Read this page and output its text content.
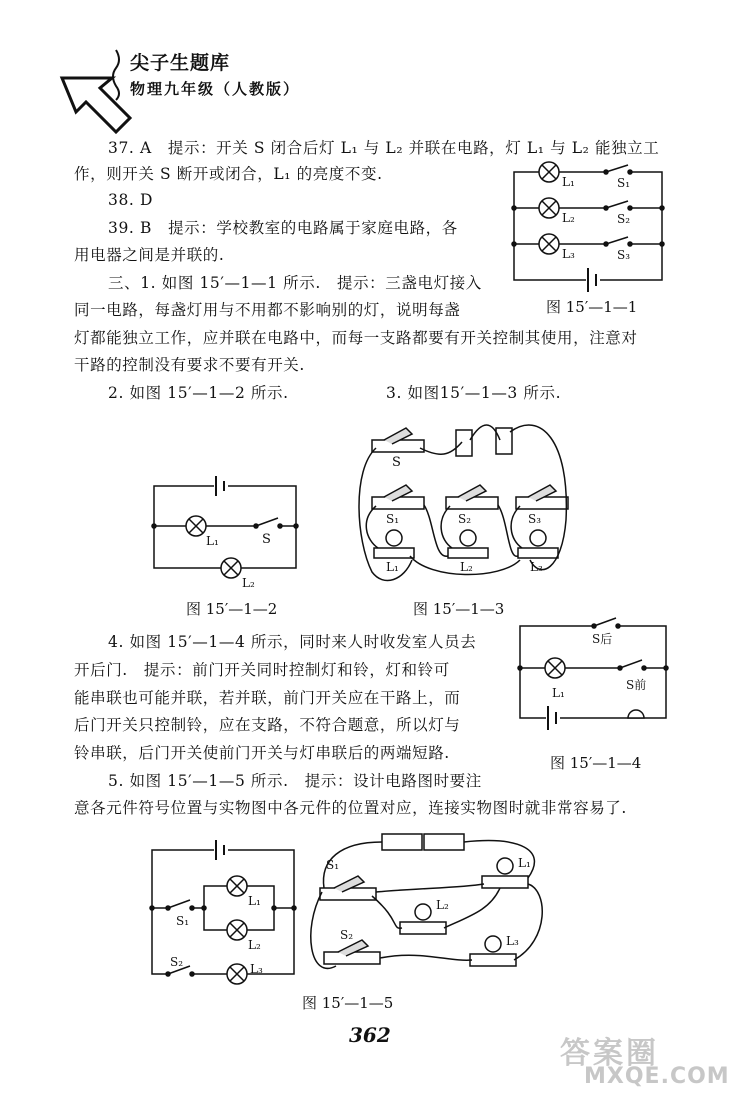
尖子生题库
物理九年级（人教版）
37. A　提示：开关 S 闭合后灯 L₁ 与 L₂ 并联在电路，灯 L₁ 与 L₂ 能独立工
作，则开关 S 断开或闭合，L₁ 的亮度不变.
38. D
39. B　提示：学校教室的电路属于家庭电路，各
用电器之间是并联的.
三、1. 如图 15′—1—1 所示.　提示：三盏电灯接入
同一电路，每盏灯用与不用都不影响别的灯，说明每盏
灯都能独立工作，应并联在电路中，而每一支路都要有开关控制其使用，注意对
干路的控制没有要求不要有开关.
2. 如图 15′—1—2 所示.	3. 如图15′—1—3 所示.
4. 如图 15′—1—4 所示，同时来人时收发室人员去
开后门.　提示：前门开关同时控制灯和铃，灯和铃可
能串联也可能并联，若并联，前门开关应在干路上，而
后门开关只控制铃，应在支路，不符合题意，所以灯与
铃串联，后门开关使前门开关与灯串联后的两端短路.
5. 如图 15′—1—5 所示.　提示：设计电路图时要注
意各元件符号位置与实物图中各元件的位置对应，连接实物图时就非常容易了.
L₁
L₂
L₃
S₁
S₂
S₃
图 15′—1—1
L₁	S
L₂
图 15′—1—2
S
S₁	S₂	S₃
L₁	L₂	L₃
图 15′—1—3
S后
S前
L₁
图 15′—1—4
S₁
S₂
L₁
L₂
L₃
S₁
S₂
L₁
L₂
L₃
图 15′—1—5
362
答案圈
MXQE.COM
